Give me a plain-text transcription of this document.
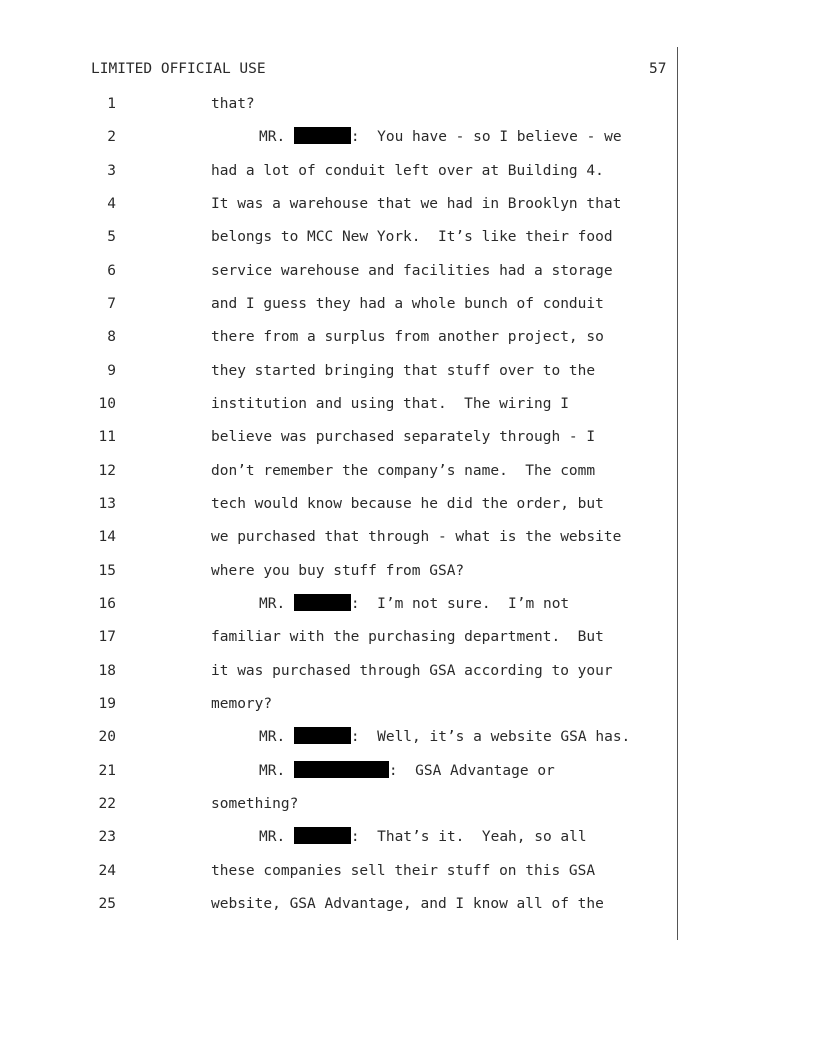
LIMITED OFFICIAL USE	57
1	that?
2	MR.	:  You have - so I believe - we
3	had a lot of conduit left over at Building 4.
4	It was a warehouse that we had in Brooklyn that
5	belongs to MCC New York.  It’s like their food
6	service warehouse and facilities had a storage
7	and I guess they had a whole bunch of conduit
8	there from a surplus from another project, so
9	they started bringing that stuff over to the
10	institution and using that.  The wiring I
11	believe was purchased separately through - I
12	don’t remember the company’s name.  The comm
13	tech would know because he did the order, but
14	we purchased that through - what is the website
15	where you buy stuff from GSA?
16	MR.	:  I’m not sure.  I’m not
17	familiar with the purchasing department.  But
18	it was purchased through GSA according to your
19	memory?
20	MR.	:  Well, it’s a website GSA has.
21	MR.	:  GSA Advantage or
22	something?
23	MR.	:  That’s it.  Yeah, so all
24	these companies sell their stuff on this GSA
25	website, GSA Advantage, and I know all of the
